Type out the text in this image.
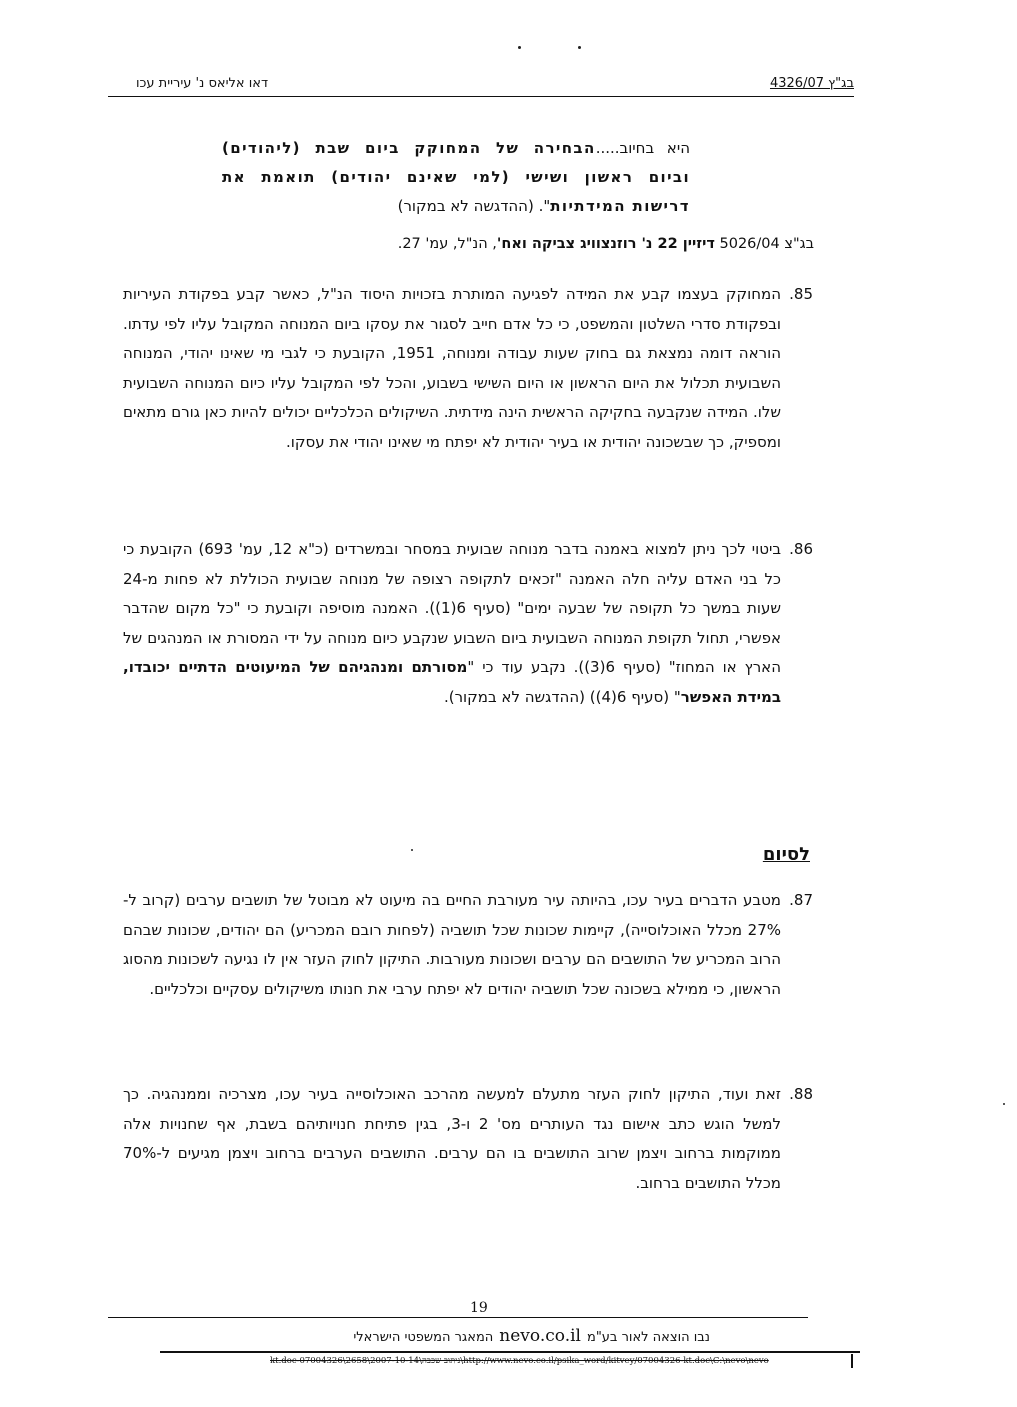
דאו אליאס נ' עיריית עכו	בג"ץ 4326/07
היא בחיוב.....הבחירה של המחוקק ביום שבת (ליהודים) וביום ראשון ושישי (למי שאינם יהודים) תואמת את דרישות המידתיות". (ההדגשה לא במקור)
בג"צ 5026/04 דיזיין 22 נ' רוזנצוויג צביקה ואח', הנ"ל, עמ' 27.
85.
המחוקק בעצמו קבע את המידה לפגיעה המותרת בזכויות היסוד הנ"ל, כאשר קבע בפקודת העיריות ובפקודת סדרי השלטון והמשפט, כי כל אדם חייב לסגור את עסקו ביום המנוחה המקובל עליו לפי עדתו. הוראה דומה נמצאת גם בחוק שעות עבודה ומנוחה, 1951, הקובעת כי לגבי מי שאינו יהודי, המנוחה השבועית תכלול את היום הראשון או היום השישי בשבוע, והכל לפי המקובל עליו כיום המנוחה השבועית שלו. המידה שנקבעה בחקיקה הראשית הינה מידתית. השיקולים הכלכליים יכולים להיות כאן גורם מתאים ומספיק, כך שבשכונה יהודית או בעיר יהודית לא יפתח מי שאינו יהודי את עסקו.
86.
ביטוי לכך ניתן למצוא באמנה בדבר מנוחה שבועית במסחר ובמשרדים (כ"א 12, עמ' 693) הקובעת כי כל בני האדם עליה חלה האמנה "זכאים לתקופה רצופה של מנוחה שבועית הכוללת לא פחות מ-24 שעות במשך כל תקופה של שבעה ימים" (סעיף 6(1)). האמנה מוסיפה וקובעת כי "כל מקום שהדבר אפשרי, תחול תקופת המנוחה השבועית ביום השבוע שנקבע כיום מנוחה על ידי המסורת או המנהגים של הארץ או המחוז" (סעיף 6(3)). נקבע עוד כי "מסורתם ומנהגיהם של המיעוטים הדתיים יכובדו, במידת האפשר" (סעיף 6(4)) (ההדגשה לא במקור).
לסיום
87.
מטבע הדברים בעיר עכו, בהיותה עיר מעורבת החיים בה מיעוט לא מבוטל של תושבים ערבים (קרוב ל- 27% מכלל האוכלוסייה), קיימות שכונות שכל תושביה (לפחות רובם המכריע) הם יהודים, שכונות שבהם הרוב המכריע של התושבים הם ערבים ושכונות מעורבות. התיקון לחוק העזר אין לו נגיעה לשכונות מהסוג הראשון, כי ממילא בשכונה שכל תושביה יהודים לא יפתח ערבי את חנותו משיקולים עסקיים וכלכליים.
88.
זאת ועוד, התיקון לחוק העזר מתעלם למעשה מהרכב האוכלוסייה בעיר עכו, מצרכיה וממנהגיה. כך למשל הוגש כתב אישום נגד העותרים מס' 2 ו-3, בגין פתיחת חנויותיהם בשבת, אף שחנויות אלה ממוקמות ברחוב ויצמן שרוב התושבים בו הם ערבים. התושבים הערבים ברחוב ויצמן מגיעים ל-70% מכלל התושבים ברחוב.
19
נבו הוצאה לאור בע"מnevo.co.ilהמאגר המשפטי הישראלי
kt.doc-07004326\2658\2007-10-14\ניתוב שכבה\http://www.nevo.co.il/psika_word/kitvey/07004326-kt.doc\C:\nevo\nevo
